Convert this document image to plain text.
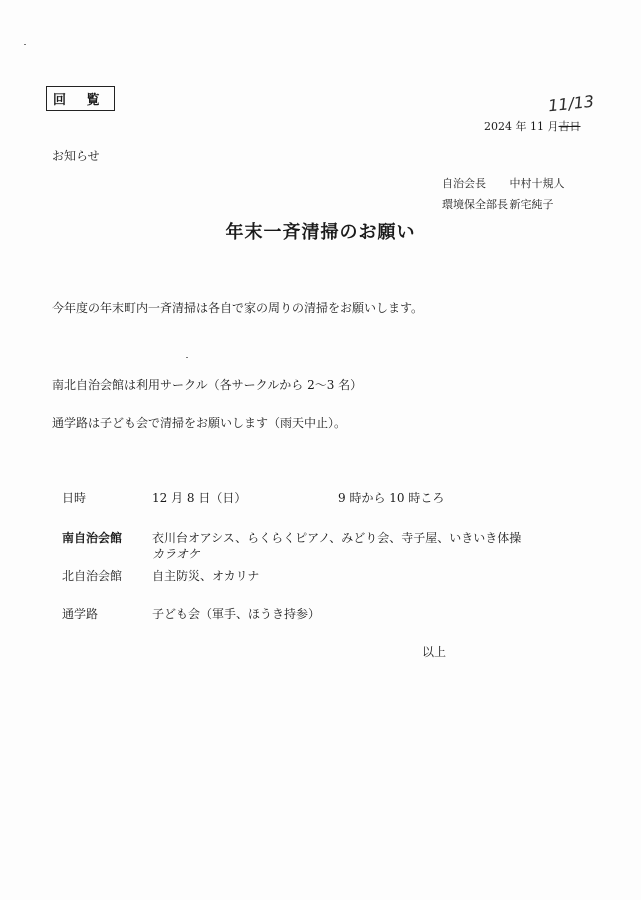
回 覧	11/13
2024 年 11 月吉日
お知らせ
自治会長 中村十規人
環境保全部長 新宅純子
年末一斉清掃のお願い
今年度の年末町内一斉清掃は各自で家の周りの清掃をお願いします。
南北自治会館は利用サークル（各サークルから 2～3 名）
通学路は子ども会で清掃をお願いします（雨天中止）。
日時	12 月 8 日（日）	9 時から 10 時ころ
南自治会館 衣川台オアシス、らくらくピアノ、みどり会、寺子屋、いきいき体操
カラオケ
北自治会館 自主防災、オカリナ
通学路	子ども会（軍手、ほうき持参）
以上
